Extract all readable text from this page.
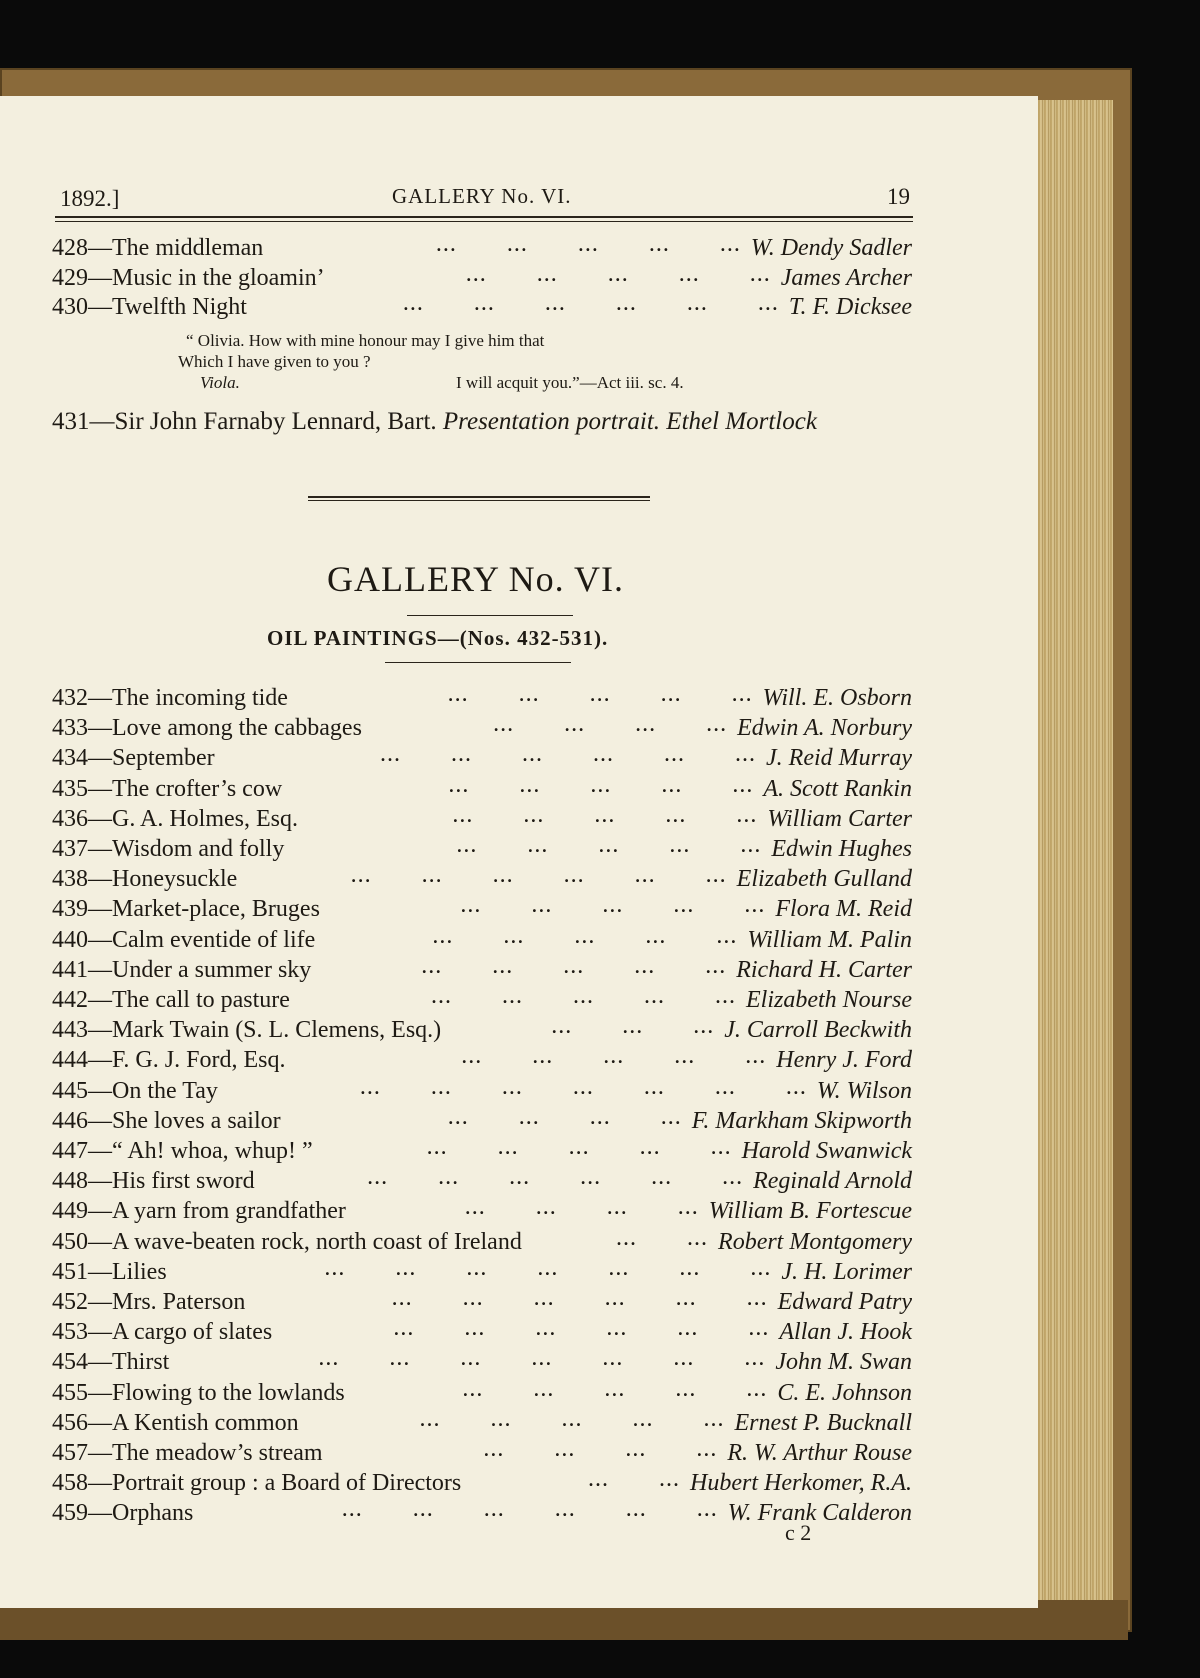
1892.]	GALLERY No. VI.	19
428—The middleman	W. Dendy Sadler
...  ...  ...  ...  ...
429—Music in the gloamin’	James Archer
...  ...  ...  ...  ...
430—Twelfth Night	T. F. Dicksee
...  ...  ...  ...  ...  ...
“ Olivia. How with mine honour may I give him that
Which I have given to you ?
Viola.	I will acquit you.”—Act iii. sc. 4.
431—Sir John Farnaby Lennard, Bart. Presentation portrait. Ethel Mortlock
GALLERY No. VI.
OIL PAINTINGS—(Nos. 432-531).
432—The incoming tide	Will. E. Osborn
...  ...  ...  ...  ...
433—Love among the cabbages	Edwin A. Norbury
...  ...  ...  ...
434—September	J. Reid Murray
...  ...  ...  ...  ...  ...
435—The crofter’s cow	A. Scott Rankin
...  ...  ...  ...  ...
436—G. A. Holmes, Esq.	William Carter
...  ...  ...  ...  ...
437—Wisdom and folly	Edwin Hughes
...  ...  ...  ...  ...
438—Honeysuckle	Elizabeth Gulland
...  ...  ...  ...  ...  ...
439—Market-place, Bruges	Flora M. Reid
...  ...  ...  ...  ...
440—Calm eventide of life	William M. Palin
...  ...  ...  ...  ...
441—Under a summer sky	Richard H. Carter
...  ...  ...  ...  ...
442—The call to pasture	Elizabeth Nourse
...  ...  ...  ...  ...
443—Mark Twain (S. L. Clemens, Esq.)	J. Carroll Beckwith
...  ...  ...
444—F. G. J. Ford, Esq.	Henry J. Ford
...  ...  ...  ...  ...
445—On the Tay	W. Wilson
...  ...  ...  ...  ...  ...  ...
446—She loves a sailor	F. Markham Skipworth
...  ...  ...  ...
447—“ Ah! whoa, whup! ”	Harold Swanwick
...  ...  ...  ...  ...
448—His first sword	Reginald Arnold
...  ...  ...  ...  ...  ...
449—A yarn from grandfather	William B. Fortescue
...  ...  ...  ...
450—A wave-beaten rock, north coast of Ireland	Robert Montgomery
...  ...
451—Lilies	J. H. Lorimer
...  ...  ...  ...  ...  ...  ...
452—Mrs. Paterson	Edward Patry
...  ...  ...  ...  ...  ...
453—A cargo of slates	Allan J. Hook
...  ...  ...  ...  ...  ...
454—Thirst	John M. Swan
...  ...  ...  ...  ...  ...  ...
455—Flowing to the lowlands	C. E. Johnson
...  ...  ...  ...  ...
456—A Kentish common	Ernest P. Bucknall
...  ...  ...  ...  ...
457—The meadow’s stream	R. W. Arthur Rouse
...  ...  ...  ...
458—Portrait group : a Board of Directors	Hubert Herkomer, R.A.
...  ...
459—Orphans	W. Frank Calderon
...  ...  ...  ...  ...  ...
c 2
